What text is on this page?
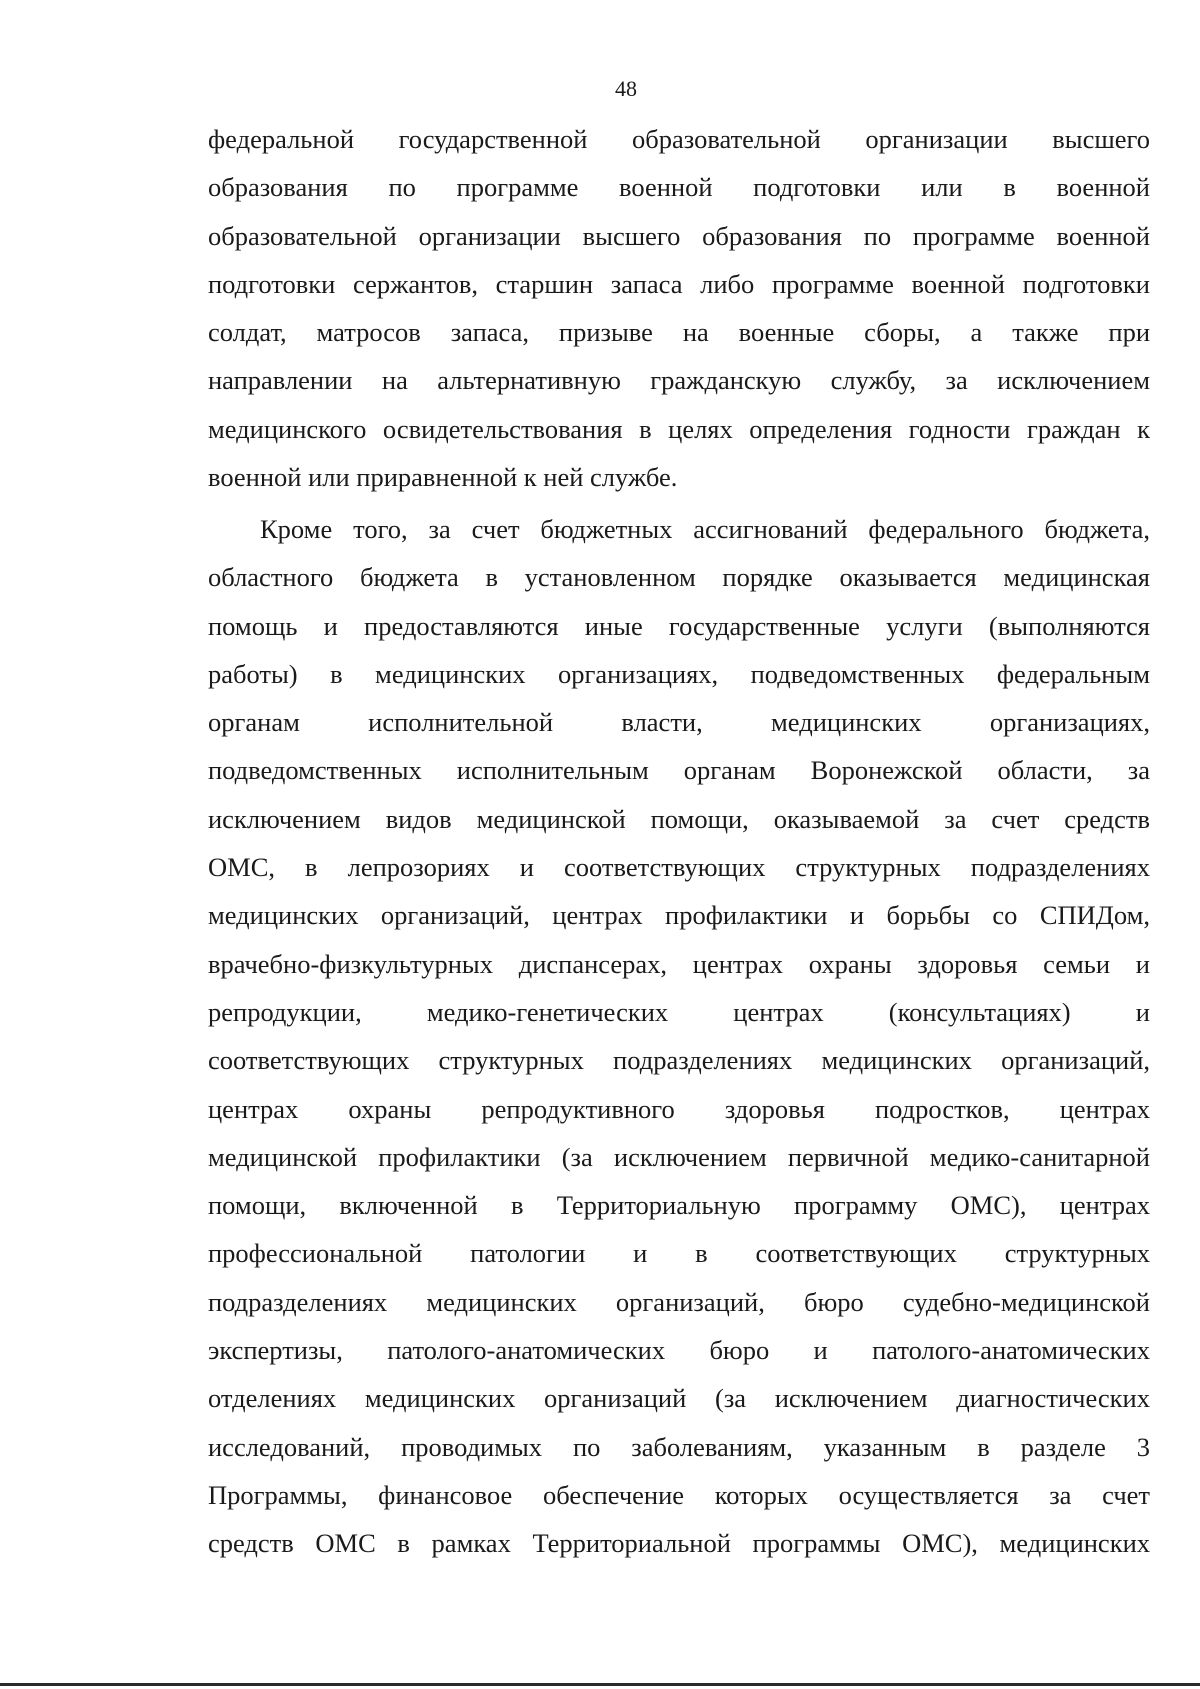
48
федеральной государственной образовательной организации высшего
образования по программе военной подготовки или в военной
образовательной организации высшего образования по программе военной
подготовки сержантов, старшин запаса либо программе военной подготовки
солдат, матросов запаса, призыве на военные сборы, а также при
направлении на альтернативную гражданскую службу, за исключением
медицинского освидетельствования в целях определения годности граждан к
военной или приравненной к ней службе.
Кроме того, за счет бюджетных ассигнований федерального бюджета,
областного бюджета в установленном порядке оказывается медицинская
помощь и предоставляются иные государственные услуги (выполняются
работы) в медицинских организациях, подведомственных федеральным
органам исполнительной власти, медицинских организациях,
подведомственных исполнительным органам Воронежской области, за
исключением видов медицинской помощи, оказываемой за счет средств
ОМС, в лепрозориях и соответствующих структурных подразделениях
медицинских организаций, центрах профилактики и борьбы со СПИДом,
врачебно-физкультурных диспансерах, центрах охраны здоровья семьи и
репродукции, медико-генетических центрах (консультациях) и
соответствующих структурных подразделениях медицинских организаций,
центрах охраны репродуктивного здоровья подростков, центрах
медицинской профилактики (за исключением первичной медико-санитарной
помощи, включенной в Территориальную программу ОМС), центрах
профессиональной патологии и в соответствующих структурных
подразделениях медицинских организаций, бюро судебно-медицинской
экспертизы, патолого-анатомических бюро и патолого-анатомических
отделениях медицинских организаций (за исключением диагностических
исследований, проводимых по заболеваниям, указанным в разделе 3
Программы, финансовое обеспечение которых осуществляется за счет
средств ОМС в рамках Территориальной программы ОМС), медицинских
